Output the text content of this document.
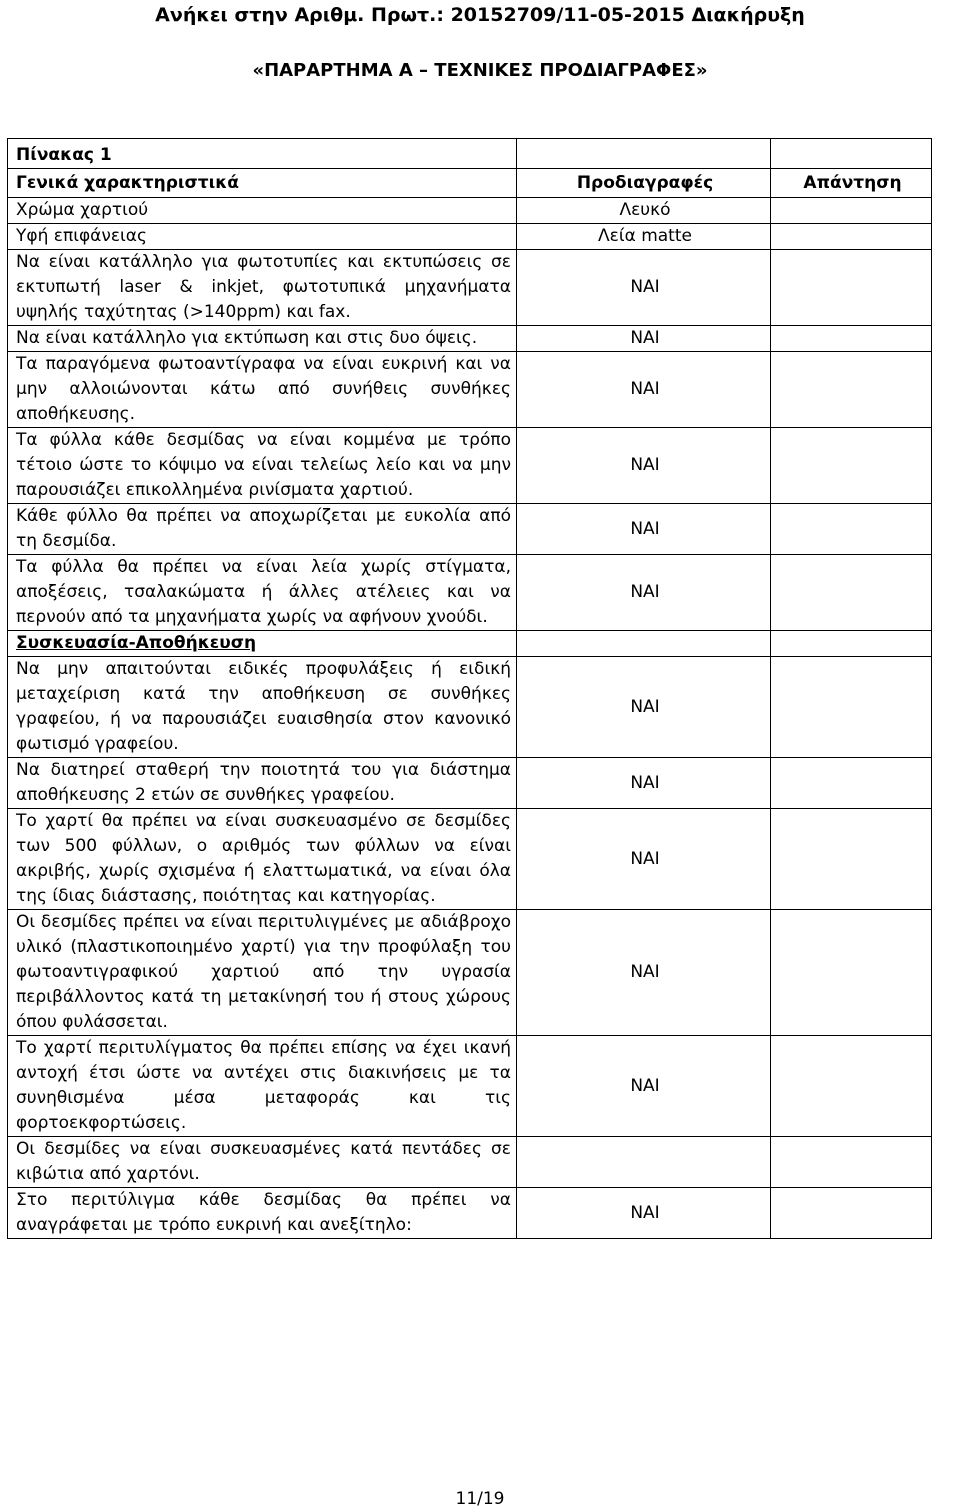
Ανήκει στην Αριθμ. Πρωτ.: 20152709/11-05-2015 Διακήρυξη
«ΠΑΡΑΡΤΗΜΑ Α – ΤΕΧΝΙΚΕΣ ΠΡΟΔΙΑΓΡΑΦΕΣ»
Πίνακας 1		
Γενικά χαρακτηριστικά	Προδιαγραφές	Απάντηση
Χρώμα χαρτιού	Λευκό	
Υφή επιφάνειας	Λεία matte	
Να είναι κατάλληλο για φωτοτυπίες και εκτυπώσεις σε εκτυπωτή laser & inkjet, φωτοτυπικά μηχανήματα υψηλής ταχύτητας (>140ppm) και fax.	ΝΑΙ	
Να είναι κατάλληλο για εκτύπωση και στις δυο όψεις.	ΝΑΙ	
Τα παραγόμενα φωτοαντίγραφα να είναι ευκρινή και να μην αλλοιώνονται κάτω από συνήθεις συνθήκες αποθήκευσης.	ΝΑΙ	
Τα φύλλα κάθε δεσμίδας να είναι κομμένα με τρόπο τέτοιο ώστε το κόψιμο να είναι τελείως λείο και να μην παρουσιάζει επικολλημένα ρινίσματα χαρτιού.	ΝΑΙ	
Κάθε φύλλο θα πρέπει να αποχωρίζεται με ευκολία από τη δεσμίδα.	ΝΑΙ	
Τα φύλλα θα πρέπει να είναι λεία χωρίς στίγματα, αποξέσεις, τσαλακώματα ή άλλες ατέλειες και να περνούν από τα μηχανήματα χωρίς να αφήνουν χνούδι.	ΝΑΙ	
Συσκευασία-Αποθήκευση		
Να μην απαιτούνται ειδικές προφυλάξεις ή ειδική μεταχείριση κατά την αποθήκευση σε συνθήκες γραφείου, ή να παρουσιάζει ευαισθησία στον κανονικό φωτισμό γραφείου.	ΝΑΙ	
Να διατηρεί σταθερή την ποιοτητά του για διάστημα αποθήκευσης 2 ετών σε συνθήκες γραφείου.	ΝΑΙ	
Το χαρτί θα πρέπει να είναι συσκευασμένο σε δεσμίδες των 500 φύλλων, ο αριθμός των φύλλων να είναι ακριβής, χωρίς σχισμένα ή ελαττωματικά, να είναι όλα της ίδιας διάστασης, ποιότητας και κατηγορίας.	ΝΑΙ	
Οι δεσμίδες πρέπει να είναι περιτυλιγμένες με αδιάβροχο υλικό (πλαστικοποιημένο χαρτί) για την προφύλαξη του φωτοαντιγραφικού χαρτιού από την υγρασία περιβάλλοντος κατά τη μετακίνησή του ή στους χώρους όπου φυλάσσεται.	ΝΑΙ	
Το χαρτί περιτυλίγματος θα πρέπει επίσης να έχει ικανή αντοχή έτσι ώστε να αντέχει στις διακινήσεις με τα συνηθισμένα μέσα μεταφοράς και τις φορτοεκφορτώσεις.	ΝΑΙ	
Οι δεσμίδες να είναι συσκευασμένες κατά πεντάδες σε κιβώτια από χαρτόνι.		
Στο περιτύλιγμα κάθε δεσμίδας θα πρέπει να αναγράφεται με τρόπο ευκρινή και ανεξίτηλο:	ΝΑΙ	
11/19
